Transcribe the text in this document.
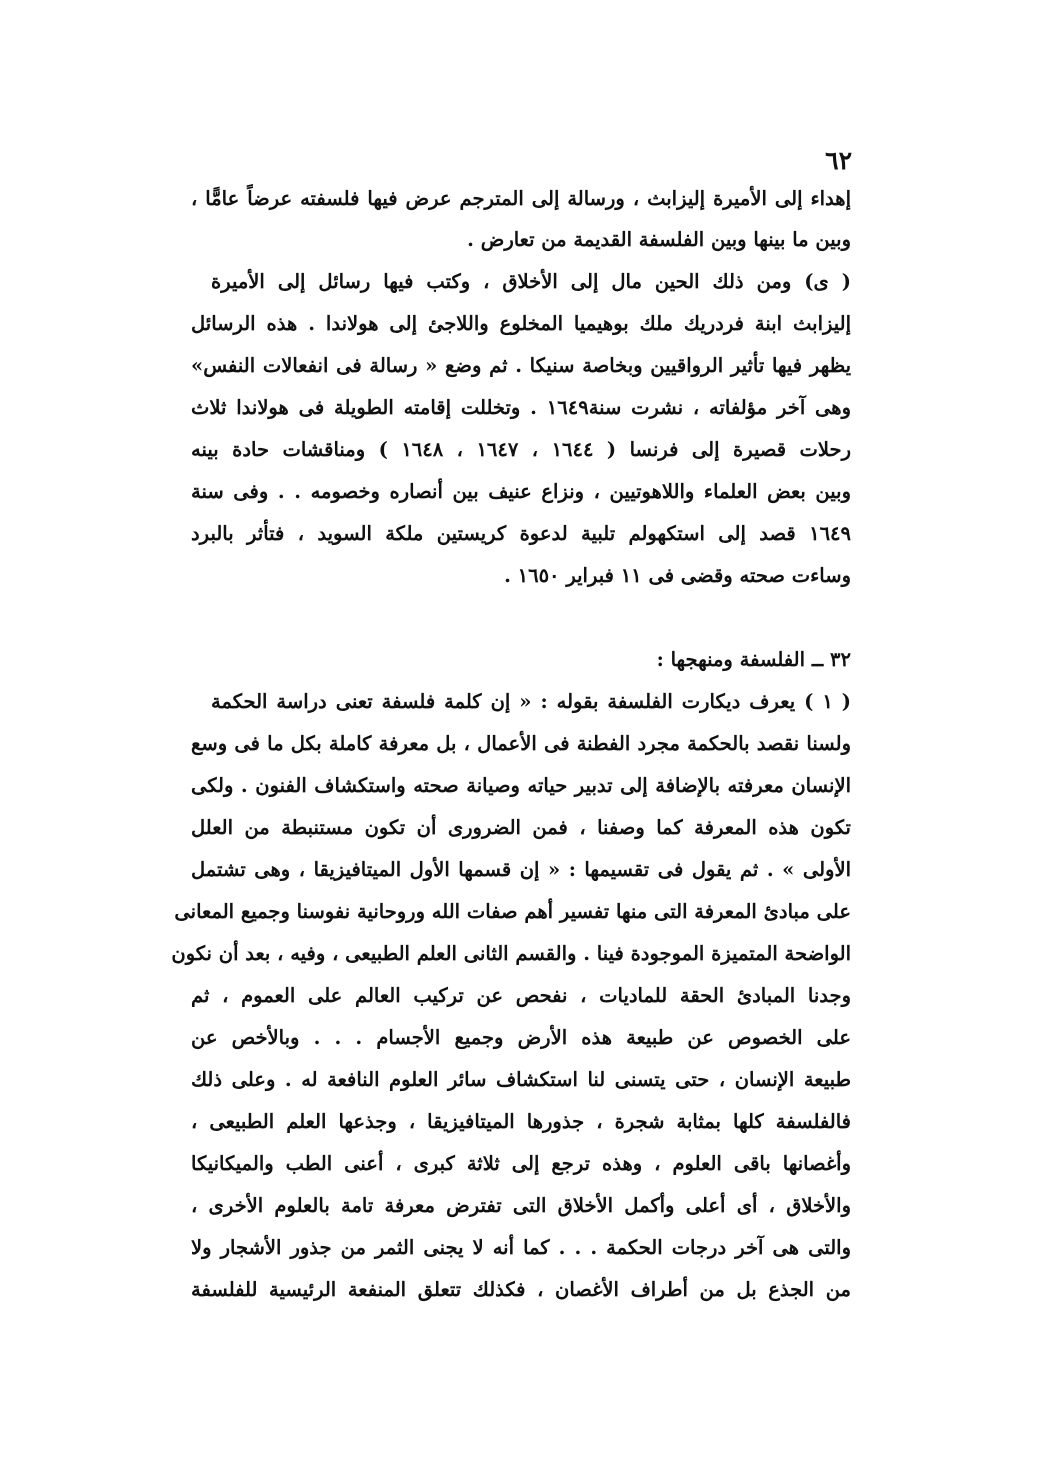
٦٢
إهداء إلى الأميرة إليزابث ، ورسالة إلى المترجم عرض فيها فلسفته عرضاً عامًّا ،
وبين ما بينها وبين الفلسفة القديمة من تعارض .
( ى) ومن ذلك الحين مال إلى الأخلاق ، وكتب فيها رسائل إلى الأميرة
إليزابث ابنة فردريك ملك بوهيميا المخلوع واللاجئ إلى هولاندا . هذه الرسائل
يظهر فيها تأثير الرواقيين وبخاصة سنيكا . ثم وضع « رسالة فى انفعالات النفس»
وهى آخر مؤلفاته ، نشرت سنة١٦٤٩ . وتخللت إقامته الطويلة فى هولاندا ثلاث
رحلات قصيرة إلى فرنسا ( ١٦٤٤ ، ١٦٤٧ ، ١٦٤٨ ) ومناقشات حادة بينه
وبين بعض العلماء واللاهوتيين ، ونزاع عنيف بين أنصاره وخصومه . . وفى سنة
١٦٤٩ قصد إلى استكهولم تلبية لدعوة كريستين ملكة السويد ، فتأثر بالبرد
وساءت صحته وقضى فى ١١ فبراير ١٦٥٠ .
٣٢ ــ الفلسفة ومنهجها :
( ١ ) يعرف ديكارت الفلسفة بقوله : « إن كلمة فلسفة تعنى دراسة الحكمة
ولسنا نقصد بالحكمة مجرد الفطنة فى الأعمال ، بل معرفة كاملة بكل ما فى وسع
الإنسان معرفته بالإضافة إلى تدبير حياته وصيانة صحته واستكشاف الفنون . ولكى
تكون هذه المعرفة كما وصفنا ، فمن الضرورى أن تكون مستنبطة من العلل
الأولى » . ثم يقول فى تقسيمها : « إن قسمها الأول الميتافيزيقا ، وهى تشتمل
على مبادئ المعرفة التى منها تفسير أهم صفات الله وروحانية نفوسنا وجميع المعانى
الواضحة المتميزة الموجودة فينا . والقسم الثانى العلم الطبيعى ، وفيه ، بعد أن نكون
وجدنا المبادئ الحقة للماديات ، نفحص عن تركيب العالم على العموم ، ثم
على الخصوص عن طبيعة هذه الأرض وجميع الأجسام . . . وبالأخص عن
طبيعة الإنسان ، حتى يتسنى لنا استكشاف سائر العلوم النافعة له . وعلى ذلك
فالفلسفة كلها بمثابة شجرة ، جذورها الميتافيزيقا ، وجذعها العلم الطبيعى ،
وأغصانها باقى العلوم ، وهذه ترجع إلى ثلاثة كبرى ، أعنى الطب والميكانيكا
والأخلاق ، أى أعلى وأكمل الأخلاق التى تفترض معرفة تامة بالعلوم الأخرى ،
والتى هى آخر درجات الحكمة . . . كما أنه لا يجنى الثمر من جذور الأشجار ولا
من الجذع بل من أطراف الأغصان ، فكذلك تتعلق المنفعة الرئيسية للفلسفة
